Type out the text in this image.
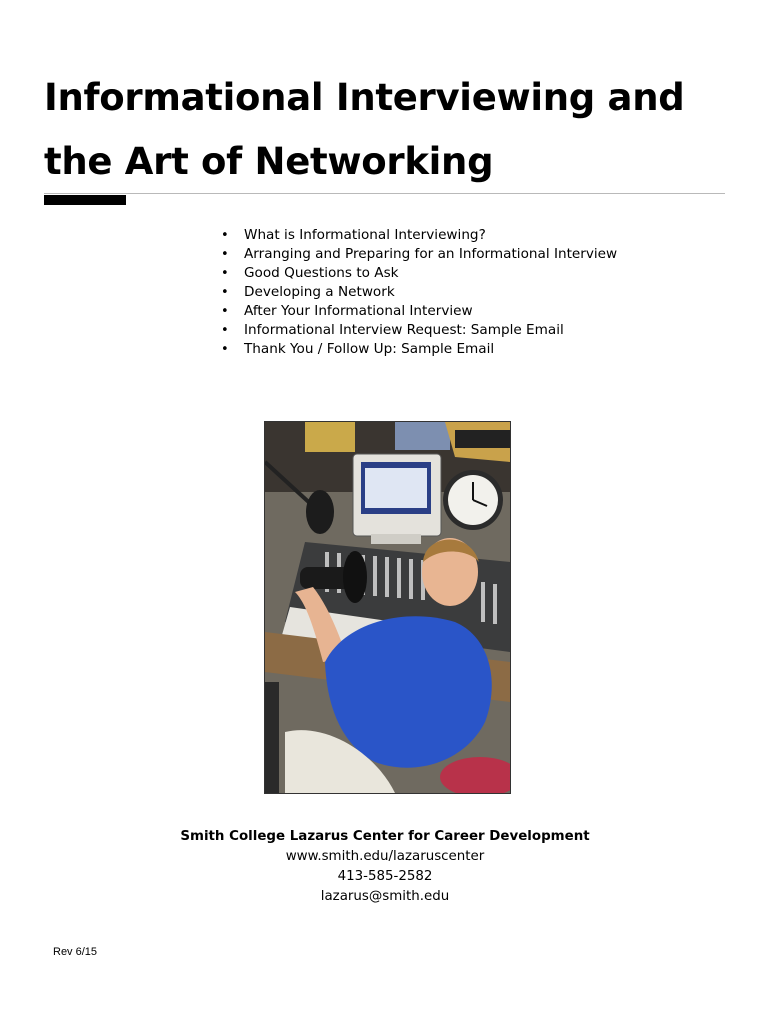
Informational Interviewing and
the Art of Networking
• What is Informational Interviewing?
• Arranging and Preparing for an Informational Interview
• Good Questions to Ask
• Developing a Network
• After Your Informational Interview
• Informational Interview Request: Sample Email
• Thank You / Follow Up: Sample Email
Smith College Lazarus Center for Career Development
www.smith.edu/lazaruscenter
413-585-2582
lazarus@smith.edu
Rev 6/15
